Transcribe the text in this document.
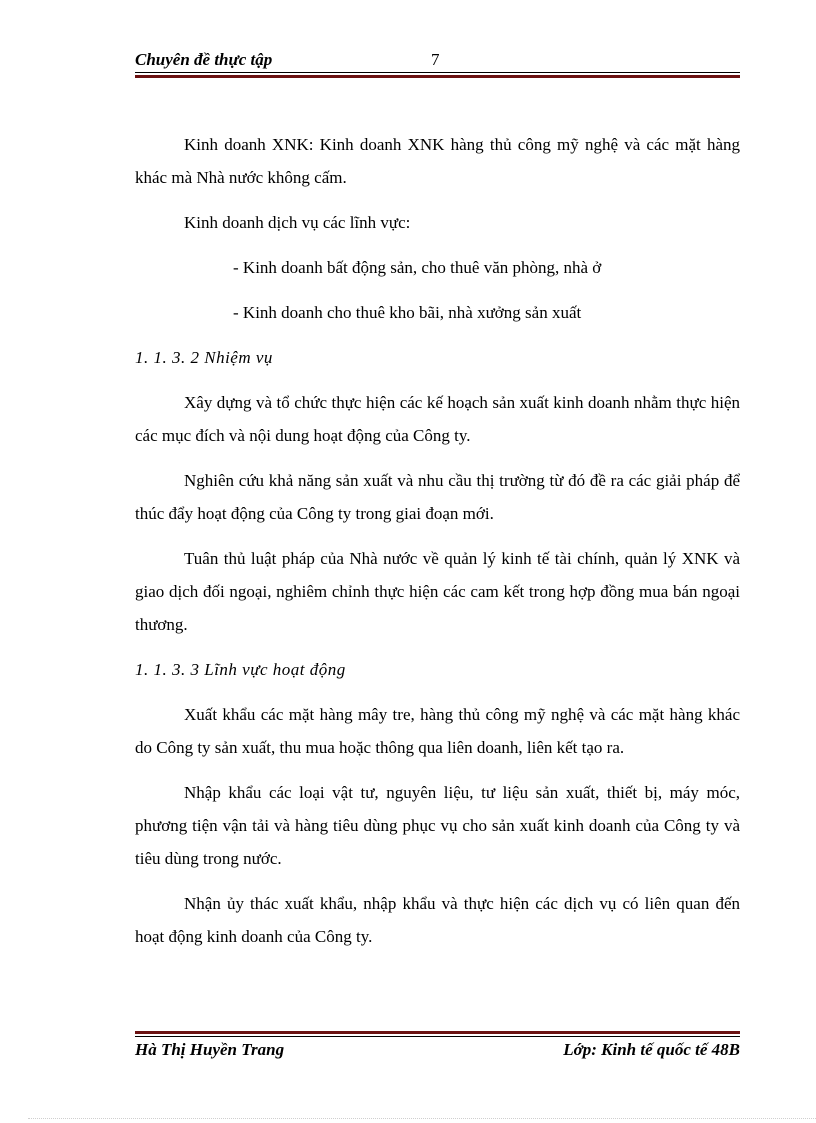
Chuyên đề thực tập	7

Kinh doanh XNK: Kinh doanh XNK hàng thủ công mỹ nghệ và các mặt hàng khác mà Nhà nước không cấm.

Kinh doanh dịch vụ các lĩnh vực:

- Kinh doanh bất động sản, cho thuê văn phòng, nhà ở

- Kinh doanh cho thuê kho bãi, nhà xưởng sản xuất

1. 1. 3. 2 Nhiệm vụ

Xây dựng và tổ chức thực hiện các kế hoạch sản xuất kinh doanh nhằm thực hiện các mục đích và nội dung hoạt động của Công ty.

Nghiên cứu khả năng sản xuất và nhu cầu thị trường từ đó đề ra các giải pháp để thúc đẩy hoạt động của Công ty trong giai đoạn mới.

Tuân thủ luật pháp của Nhà nước về quản lý kinh tế tài chính, quản lý XNK và giao dịch đối ngoại, nghiêm chỉnh thực hiện các cam kết trong hợp đồng mua bán ngoại thương.

1. 1. 3. 3 Lĩnh vực hoạt động

Xuất khẩu các mặt hàng mây tre, hàng thủ công mỹ nghệ và các mặt hàng khác do Công ty sản xuất, thu mua hoặc thông qua liên doanh, liên kết tạo ra.

Nhập khẩu các loại vật tư, nguyên liệu, tư liệu sản xuất, thiết bị, máy móc, phương tiện vận tải và hàng tiêu dùng phục vụ cho sản xuất kinh doanh của Công ty và tiêu dùng trong nước.

Nhận ủy thác xuất khẩu, nhập khẩu và thực hiện các dịch vụ có liên quan đến hoạt động kinh doanh của Công ty.

Hà Thị Huyền Trang	Lớp: Kinh tế quốc tế 48B
